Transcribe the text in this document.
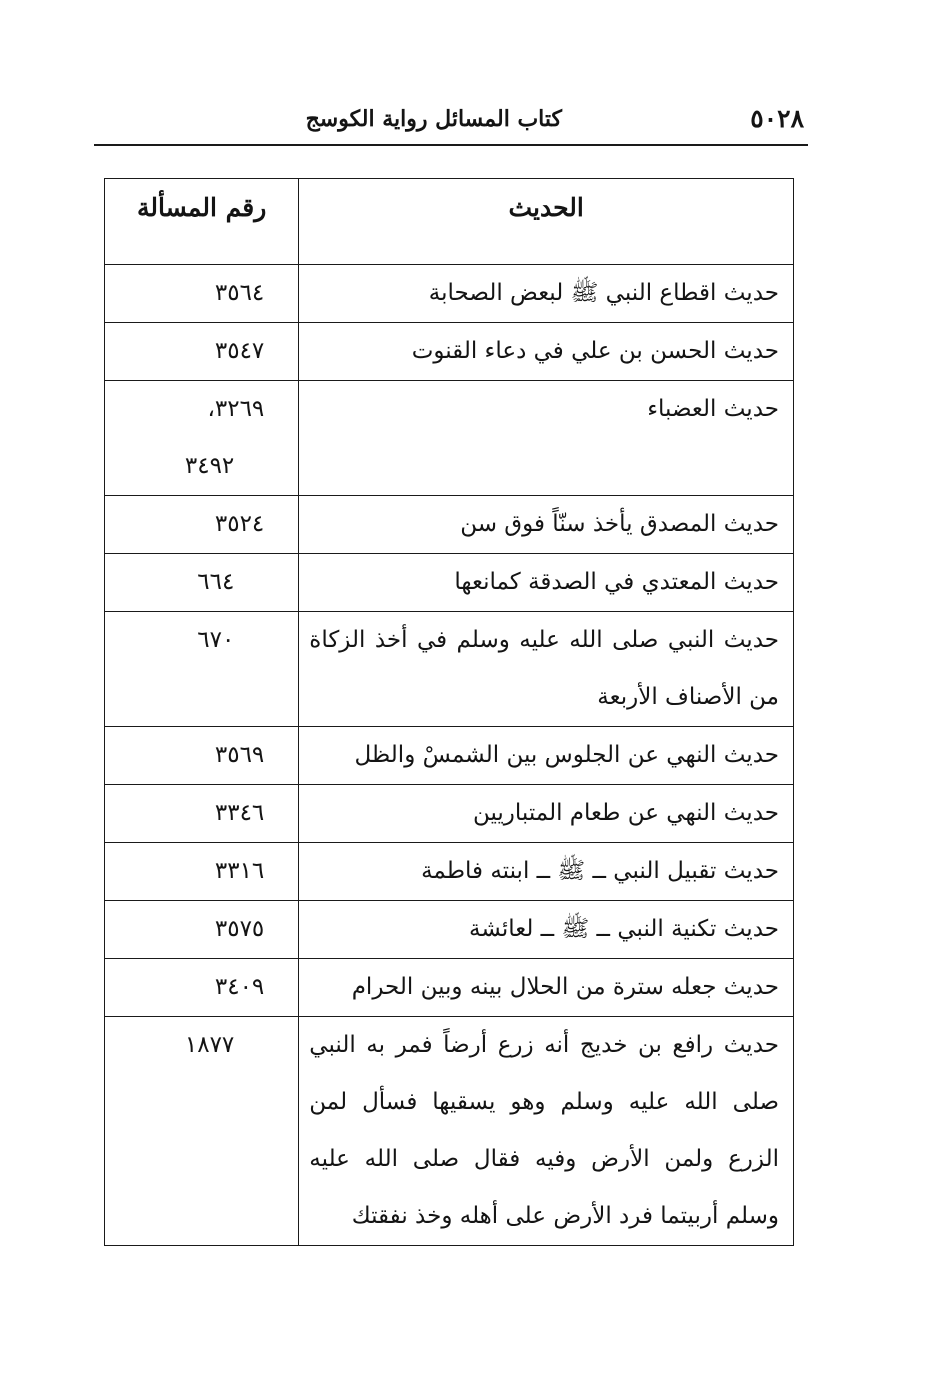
كتاب المسائل رواية الكوسج	٥٠٢٨
الحديث	رقم المسألة
حديث اقطاع النبي ﷺ لبعض الصحابة	٣٥٦٤

حديث الحسن بن علي في دعاء القنوت	٣٥٤٧

حديث العضباء	٣٢٦٩،
٣٤٩٢

حديث المصدق يأخذ سنّاً فوق سن	٣٥٢٤

حديث المعتدي في الصدقة كمانعها	٦٦٤

حديث النبي صلى الله عليه وسلم في أخذ الزكاة من الأصناف الأربعة	٦٧٠

حديث النهي عن الجلوس بين الشمسْ والظل	٣٥٦٩

حديث النهي عن طعام المتباريين	٣٣٤٦

حديث تقبيل النبي ــ ﷺ ــ ابنته فاطمة	٣٣١٦

حديث تكنية النبي ــ ﷺ ــ لعائشة	٣٥٧٥

حديث جعله سترة من الحلال بينه وبين الحرام	٣٤٠٩

حديث رافع بن خديج أنه زرع أرضاً فمر به النبي صلى الله عليه وسلم وهو يسقيها فسأل لمن الزرع ولمن الأرض وفيه فقال صلى الله عليه وسلم أربيتما فرد الأرض على أهله وخذ نفقتك	١٨٧٧
